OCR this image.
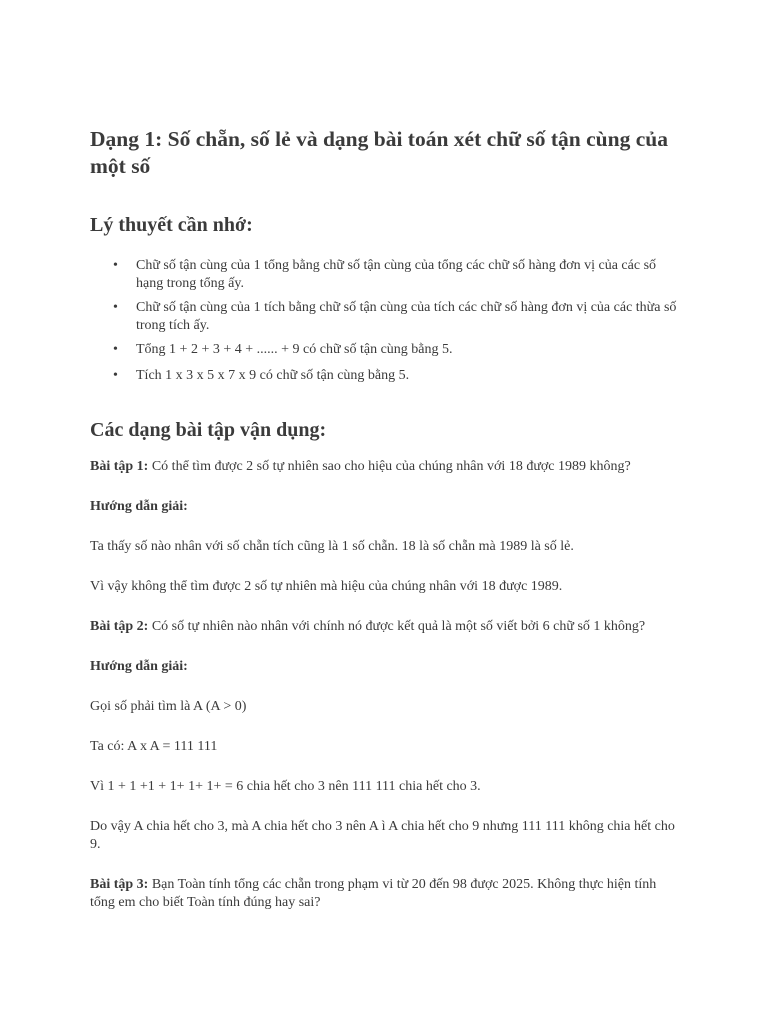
Dạng 1: Số chẵn, số lẻ và dạng bài toán xét chữ số tận cùng của một số
Lý thuyết cần nhớ:
• Chữ số tận cùng của 1 tổng bằng chữ số tận cùng của tổng các chữ số hàng đơn vị của các số hạng trong tổng ấy.
• Chữ số tận cùng của 1 tích bằng chữ số tận cùng của tích các chữ số hàng đơn vị của các thừa số trong tích ấy.
• Tổng 1 + 2 + 3 + 4 + ...... + 9 có chữ số tận cùng bằng 5.
• Tích 1 x 3 x 5 x 7 x 9 có chữ số tận cùng bằng 5.
Các dạng bài tập vận dụng:

Bài tập 1: Có thể tìm được 2 số tự nhiên sao cho hiệu của chúng nhân với 18 được 1989 không?

Hướng dẫn giải:

Ta thấy số nào nhân với số chẵn tích cũng là 1 số chẵn. 18 là số chẵn mà 1989 là số lẻ.

Vì vậy không thể tìm được 2 số tự nhiên mà hiệu của chúng nhân với 18 được 1989.

Bài tập 2: Có số tự nhiên nào nhân với chính nó được kết quả là một số viết bởi 6 chữ số 1 không?

Hướng dẫn giải:

Gọi số phải tìm là A (A > 0)

Ta có: A x A = 111 111

Vì 1 + 1 +1 + 1+ 1+ 1+ = 6 chia hết cho 3 nên 111 111 chia hết cho 3.

Do vậy A chia hết cho 3, mà A chia hết cho 3 nên A ì A chia hết cho 9 nhưng 111 111 không chia hết cho 9.

Bài tập 3: Bạn Toàn tính tổng các chẵn trong phạm vi từ 20 đến 98 được 2025. Không thực hiện tính tổng em cho biết Toàn tính đúng hay sai?
